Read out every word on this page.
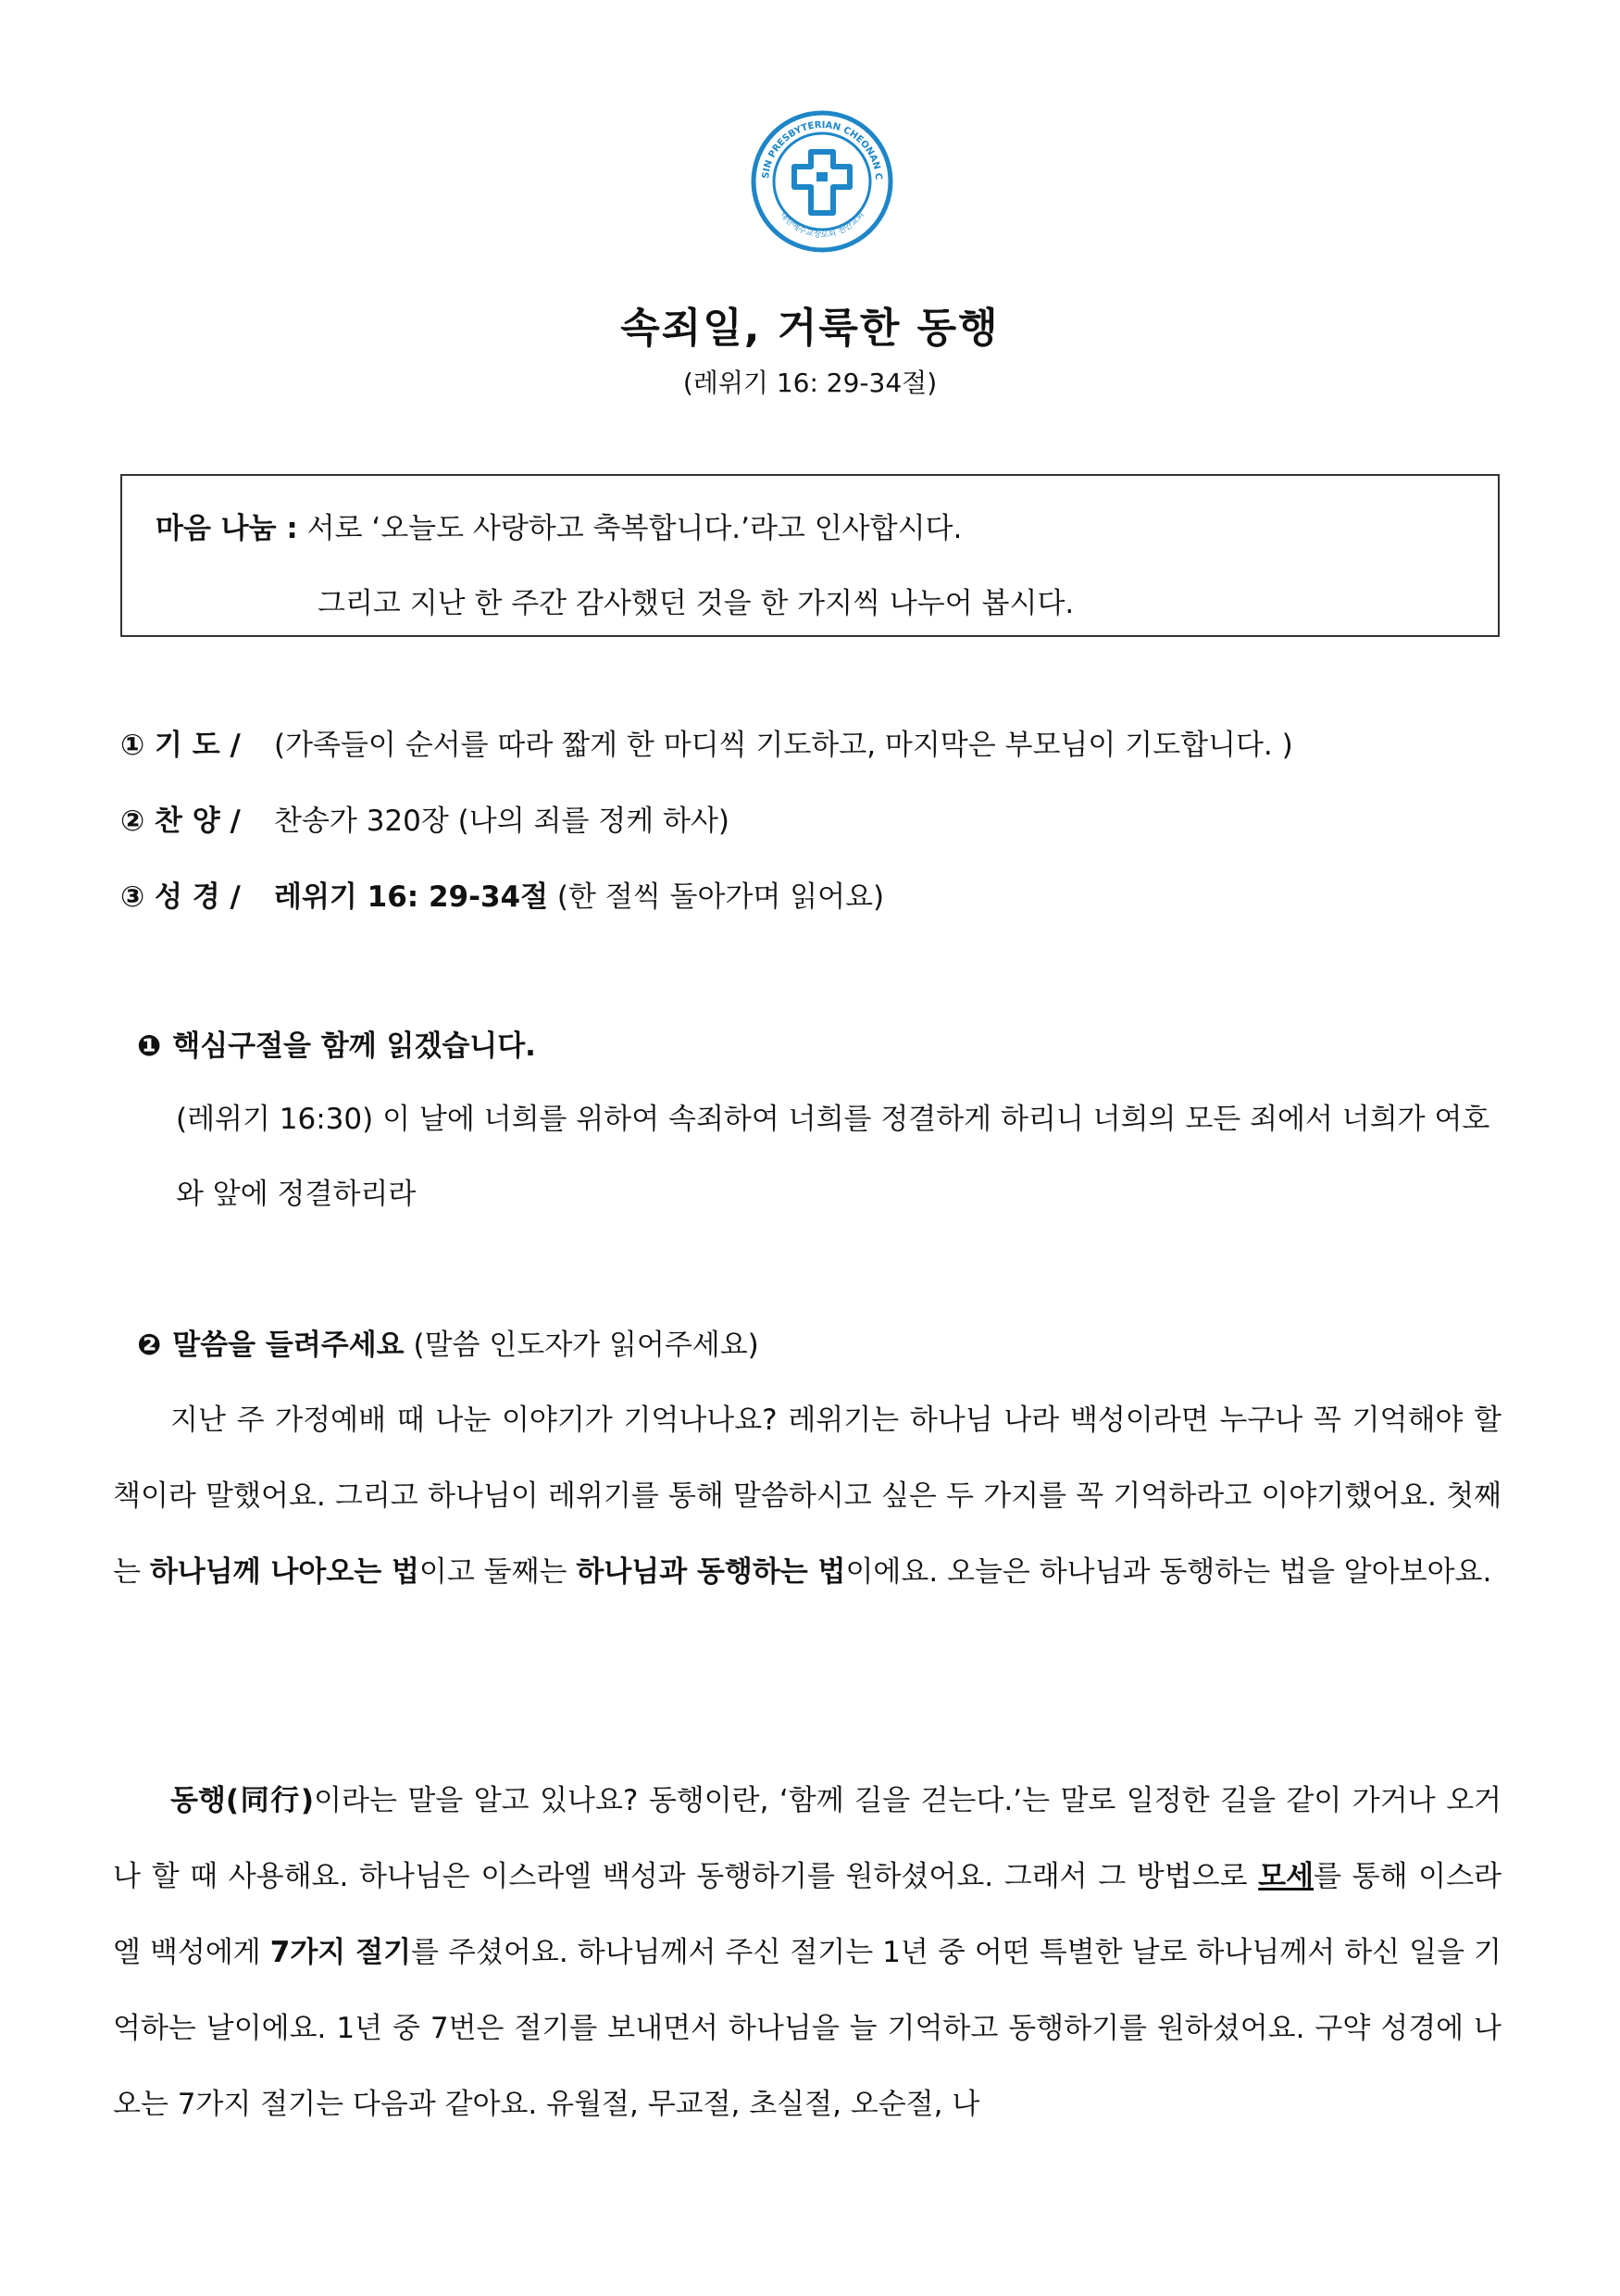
SIN PRESBYTERIAN CHEONAN C
대한예수교장로회 천안교회
속죄일, 거룩한 동행
(레위기 16: 29-34절)
마음 나눔 : 서로 ‘오늘도 사랑하고 축복합니다.’라고 인사합시다.
그리고 지난 한 주간 감사했던 것을 한 가지씩 나누어 봅시다.
① 기 도 / (가족들이 순서를 따라 짧게 한 마디씩 기도하고, 마지막은 부모님이 기도합니다. )
② 찬 양 / 찬송가 320장 (나의 죄를 정케 하사)
③ 성 경 / 레위기 16: 29-34절 (한 절씩 돌아가며 읽어요)
❶ 핵심구절을 함께 읽겠습니다.
(레위기 16:30) 이 날에 너희를 위하여 속죄하여 너희를 정결하게 하리니 너희의 모든 죄에서 너희가 여호와 앞에 정결하리라
❷ 말씀을 들려주세요 (말씀 인도자가 읽어주세요)
지난 주 가정예배 때 나눈 이야기가 기억나나요? 레위기는 하나님 나라 백성이라면 누구나 꼭 기억해야 할 책이라 말했어요. 그리고 하나님이 레위기를 통해 말씀하시고 싶은 두 가지를 꼭 기억하라고 이야기했어요. 첫째는 하나님께 나아오는 법이고 둘째는 하나님과 동행하는 법이에요. 오늘은 하나님과 동행하는 법을 알아보아요.
동행(同行)이라는 말을 알고 있나요? 동행이란, ‘함께 길을 걷는다.’는 말로 일정한 길을 같이 가거나 오거나 할 때 사용해요. 하나님은 이스라엘 백성과 동행하기를 원하셨어요. 그래서 그 방법으로 모세를 통해 이스라엘 백성에게 7가지 절기를 주셨어요. 하나님께서 주신 절기는 1년 중 어떤 특별한 날로 하나님께서 하신 일을 기억하는 날이에요. 1년 중 7번은 절기를 보내면서 하나님을 늘 기억하고 동행하기를 원하셨어요. 구약 성경에 나오는 7가지 절기는 다음과 같아요. 유월절, 무교절, 초실절, 오순절, 나
